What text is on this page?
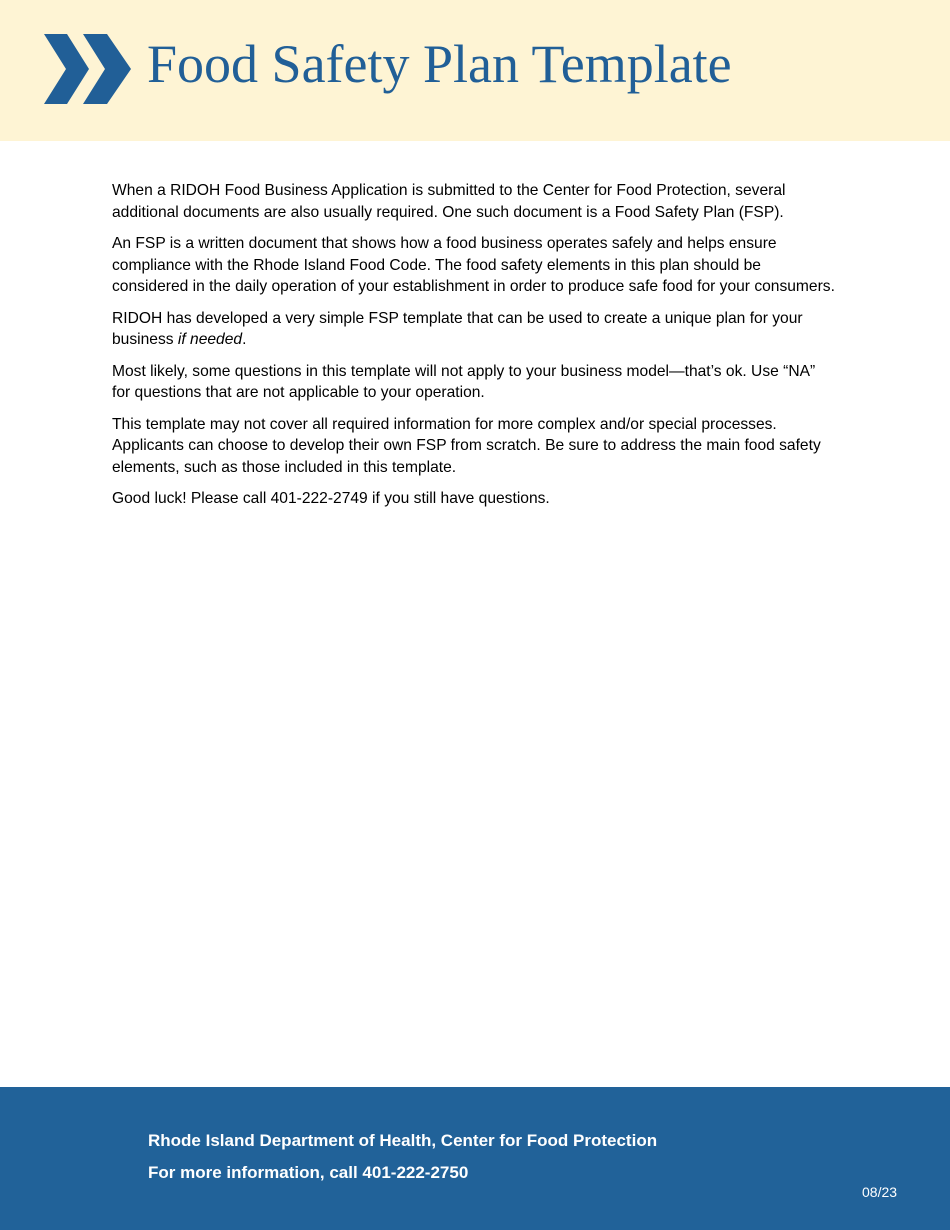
Food Safety Plan Template

When a RIDOH Food Business Application is submitted to the Center for Food Protection, several additional documents are also usually required. One such document is a Food Safety Plan (FSP).

An FSP is a written document that shows how a food business operates safely and helps ensure compliance with the Rhode Island Food Code. The food safety elements in this plan should be considered in the daily operation of your establishment in order to produce safe food for your consumers.

RIDOH has developed a very simple FSP template that can be used to create a unique plan for your business if needed.

Most likely, some questions in this template will not apply to your business model—that’s ok. Use “NA” for questions that are not applicable to your operation.

This template may not cover all required information for more complex and/or special processes. Applicants can choose to develop their own FSP from scratch. Be sure to address the main food safety elements, such as those included in this template.

Good luck! Please call 401-222-2749 if you still have questions.

Rhode Island Department of Health, Center for Food Protection

For more information, call 401-222-2750

08/23
